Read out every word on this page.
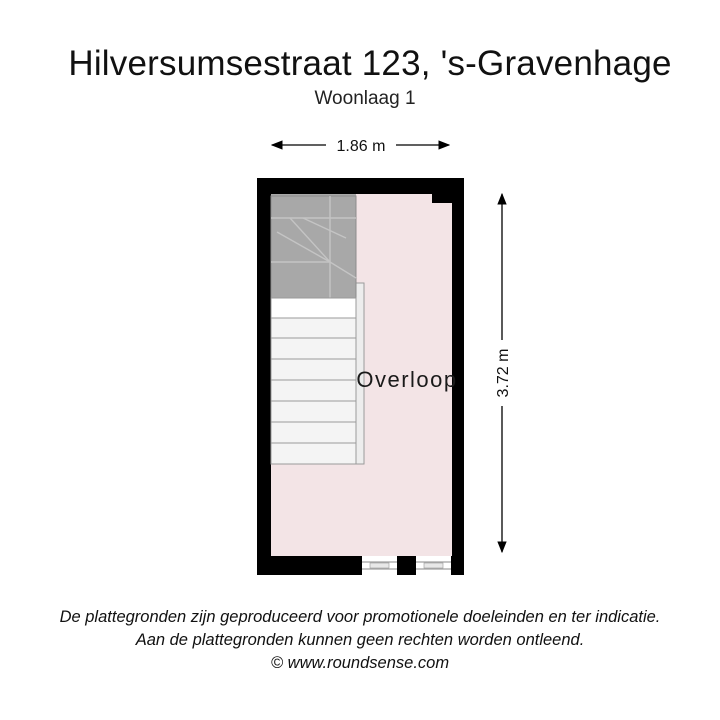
Hilversumsestraat 123, 's-Gravenhage
Woonlaag 1
1.86 m
3.72 m
Overloop
De plattegronden zijn geproduceerd voor promotionele doeleinden en ter indicatie.
Aan de plattegronden kunnen geen rechten worden ontleend.
© www.roundsense.com
